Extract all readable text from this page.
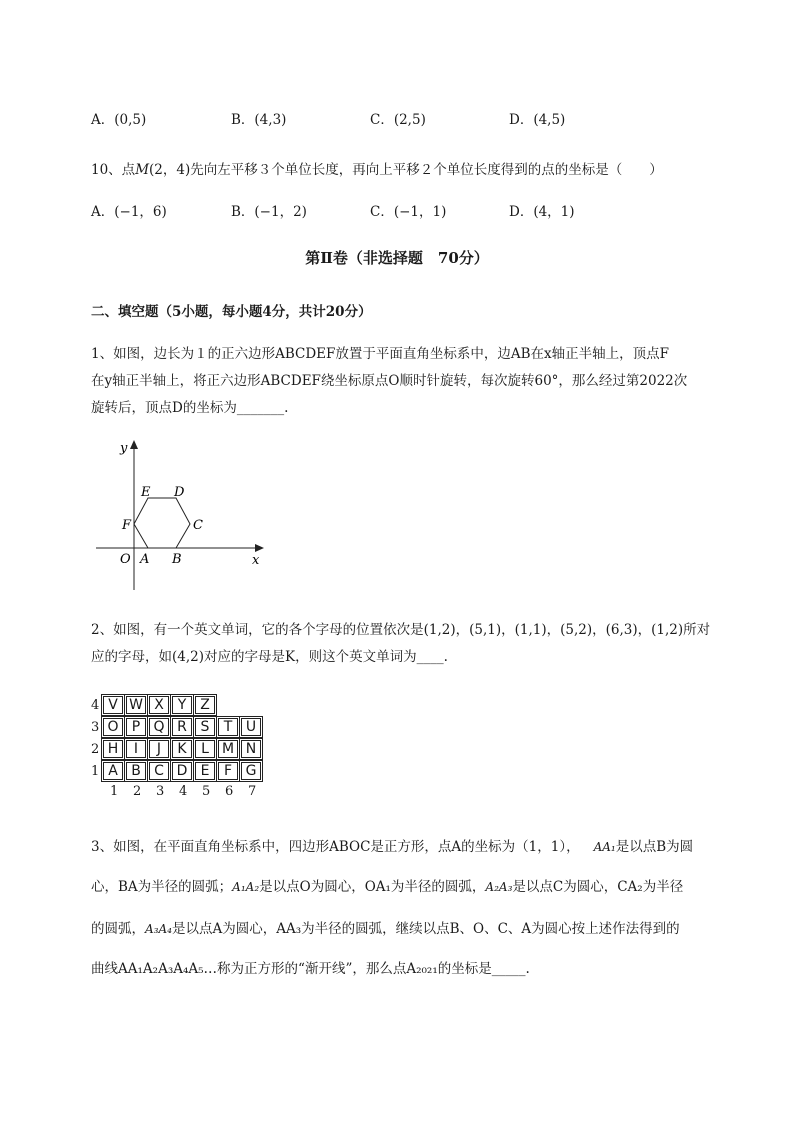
A．(0,5)	B．(4,3)	C．(2,5)	D．(4,5)
10、点M(2，4)先向左平移３个单位长度，再向上平移２个单位长度得到的点的坐标是（　　）
A．(−1，6)	B．(−1，2)	C．(−1，1)	D．(4，1)
第Ⅱ卷（非选择题　70分）
二、填空题（5小题，每小题4分，共计20分）
1、如图，边长为１的正六边形ABCDEF放置于平面直角坐标系中，边AB在x轴正半轴上，顶点F
在y轴正半轴上，将正六边形ABCDEF绕坐标原点O顺时针旋转，每次旋转60°，那么经过第2022次
旋转后，顶点D的坐标为_______.
y
x
O A B
C
D
E
F
2、如图，有一个英文单词，它的各个字母的位置依次是(1,2)，(5,1)，(1,1)，(5,2)，(6,3)，(1,2)所对
应的字母，如(4,2)对应的字母是K，则这个英文单词为____.
4 V W X Y Z
3 O P Q R S	T U
2 H	I	J	K	L M N
1 A B C D E	F G
1	2	3	4	5	6	7
3、如图，在平面直角坐标系中，四边形ABOC是正方形，点A的坐标为（1，1）， AA₁是以点B为圆
心，BA为半径的圆弧；A₁A₂是以点O为圆心，OA₁为半径的圆弧，A₂A₃是以点C为圆心，CA₂为半径
的圆弧，A₃A₄是以点A为圆心，AA₃为半径的圆弧，继续以点B、O、C、A为圆心按上述作法得到的
曲线AA₁A₂A₃A₄A₅…称为正方形的“渐开线”，那么点A₂₀₂₁的坐标是_____.
